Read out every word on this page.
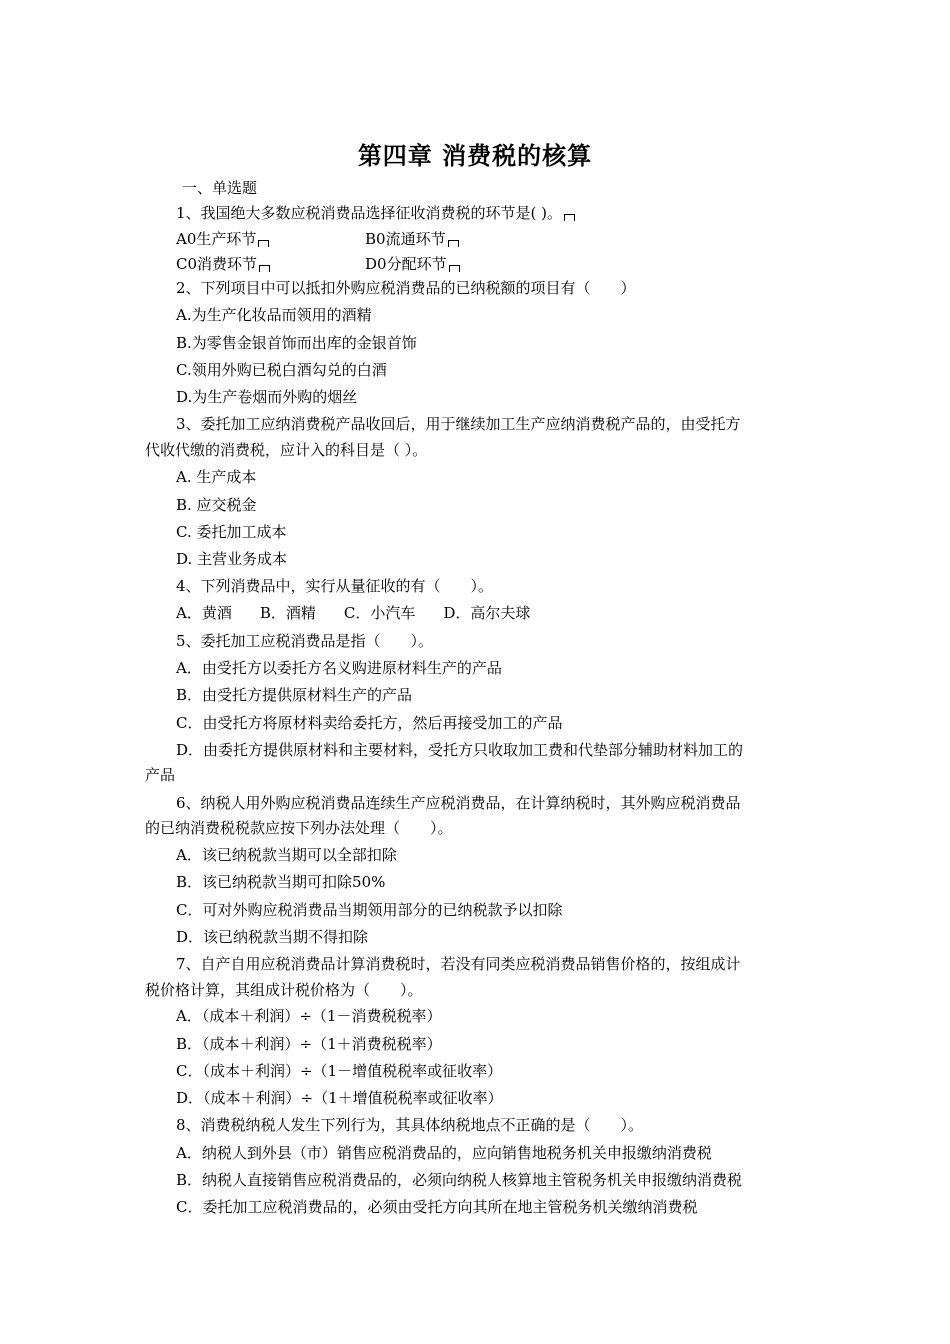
第四章 消费税的核算
一、单选题
1、我国绝大多数应税消费品选择征收消费税的环节是( )。
A0生产环节	B0流通环节
C0消费环节	D0分配环节
2、下列项目中可以抵扣外购应税消费品的已纳税额的项目有（　　）
A.为生产化妆品而领用的酒精
B.为零售金银首饰而出库的金银首饰
C.领用外购已税白酒勾兑的白酒
D.为生产卷烟而外购的烟丝
3、委托加工应纳消费税产品收回后，用于继续加工生产应纳消费税产品的，由受托方
代收代缴的消费税，应计入的科目是（ ）。
A. 生产成本
B. 应交税金
C. 委托加工成本
D. 主营业务成本
4、下列消费品中，实行从量征收的有（　　）。
A．黄酒 B．酒精 C．小汽车 D．高尔夫球
5、委托加工应税消费品是指（　　）。
A．由受托方以委托方名义购进原材料生产的产品
B．由受托方提供原材料生产的产品
C．由受托方将原材料卖给委托方，然后再接受加工的产品
D．由委托方提供原材料和主要材料，受托方只收取加工费和代垫部分辅助材料加工的
产品
6、纳税人用外购应税消费品连续生产应税消费品，在计算纳税时，其外购应税消费品
的已纳消费税税款应按下列办法处理（　　）。
A．该已纳税款当期可以全部扣除
B．该已纳税款当期可扣除50%
C．可对外购应税消费品当期领用部分的已纳税款予以扣除
D．该已纳税款当期不得扣除
7、自产自用应税消费品计算消费税时，若没有同类应税消费品销售价格的，按组成计
税价格计算，其组成计税价格为（　　）。
A．（成本＋利润）÷（1－消费税税率）
B．（成本＋利润）÷（1＋消费税税率）
C．（成本＋利润）÷（1－增值税税率或征收率）
D．（成本＋利润）÷（1＋增值税税率或征收率）
8、消费税纳税人发生下列行为，其具体纳税地点不正确的是（　　）。
A．纳税人到外县（市）销售应税消费品的，应向销售地税务机关申报缴纳消费税
B．纳税人直接销售应税消费品的，必须向纳税人核算地主管税务机关申报缴纳消费税
C．委托加工应税消费品的，必须由受托方向其所在地主管税务机关缴纳消费税
